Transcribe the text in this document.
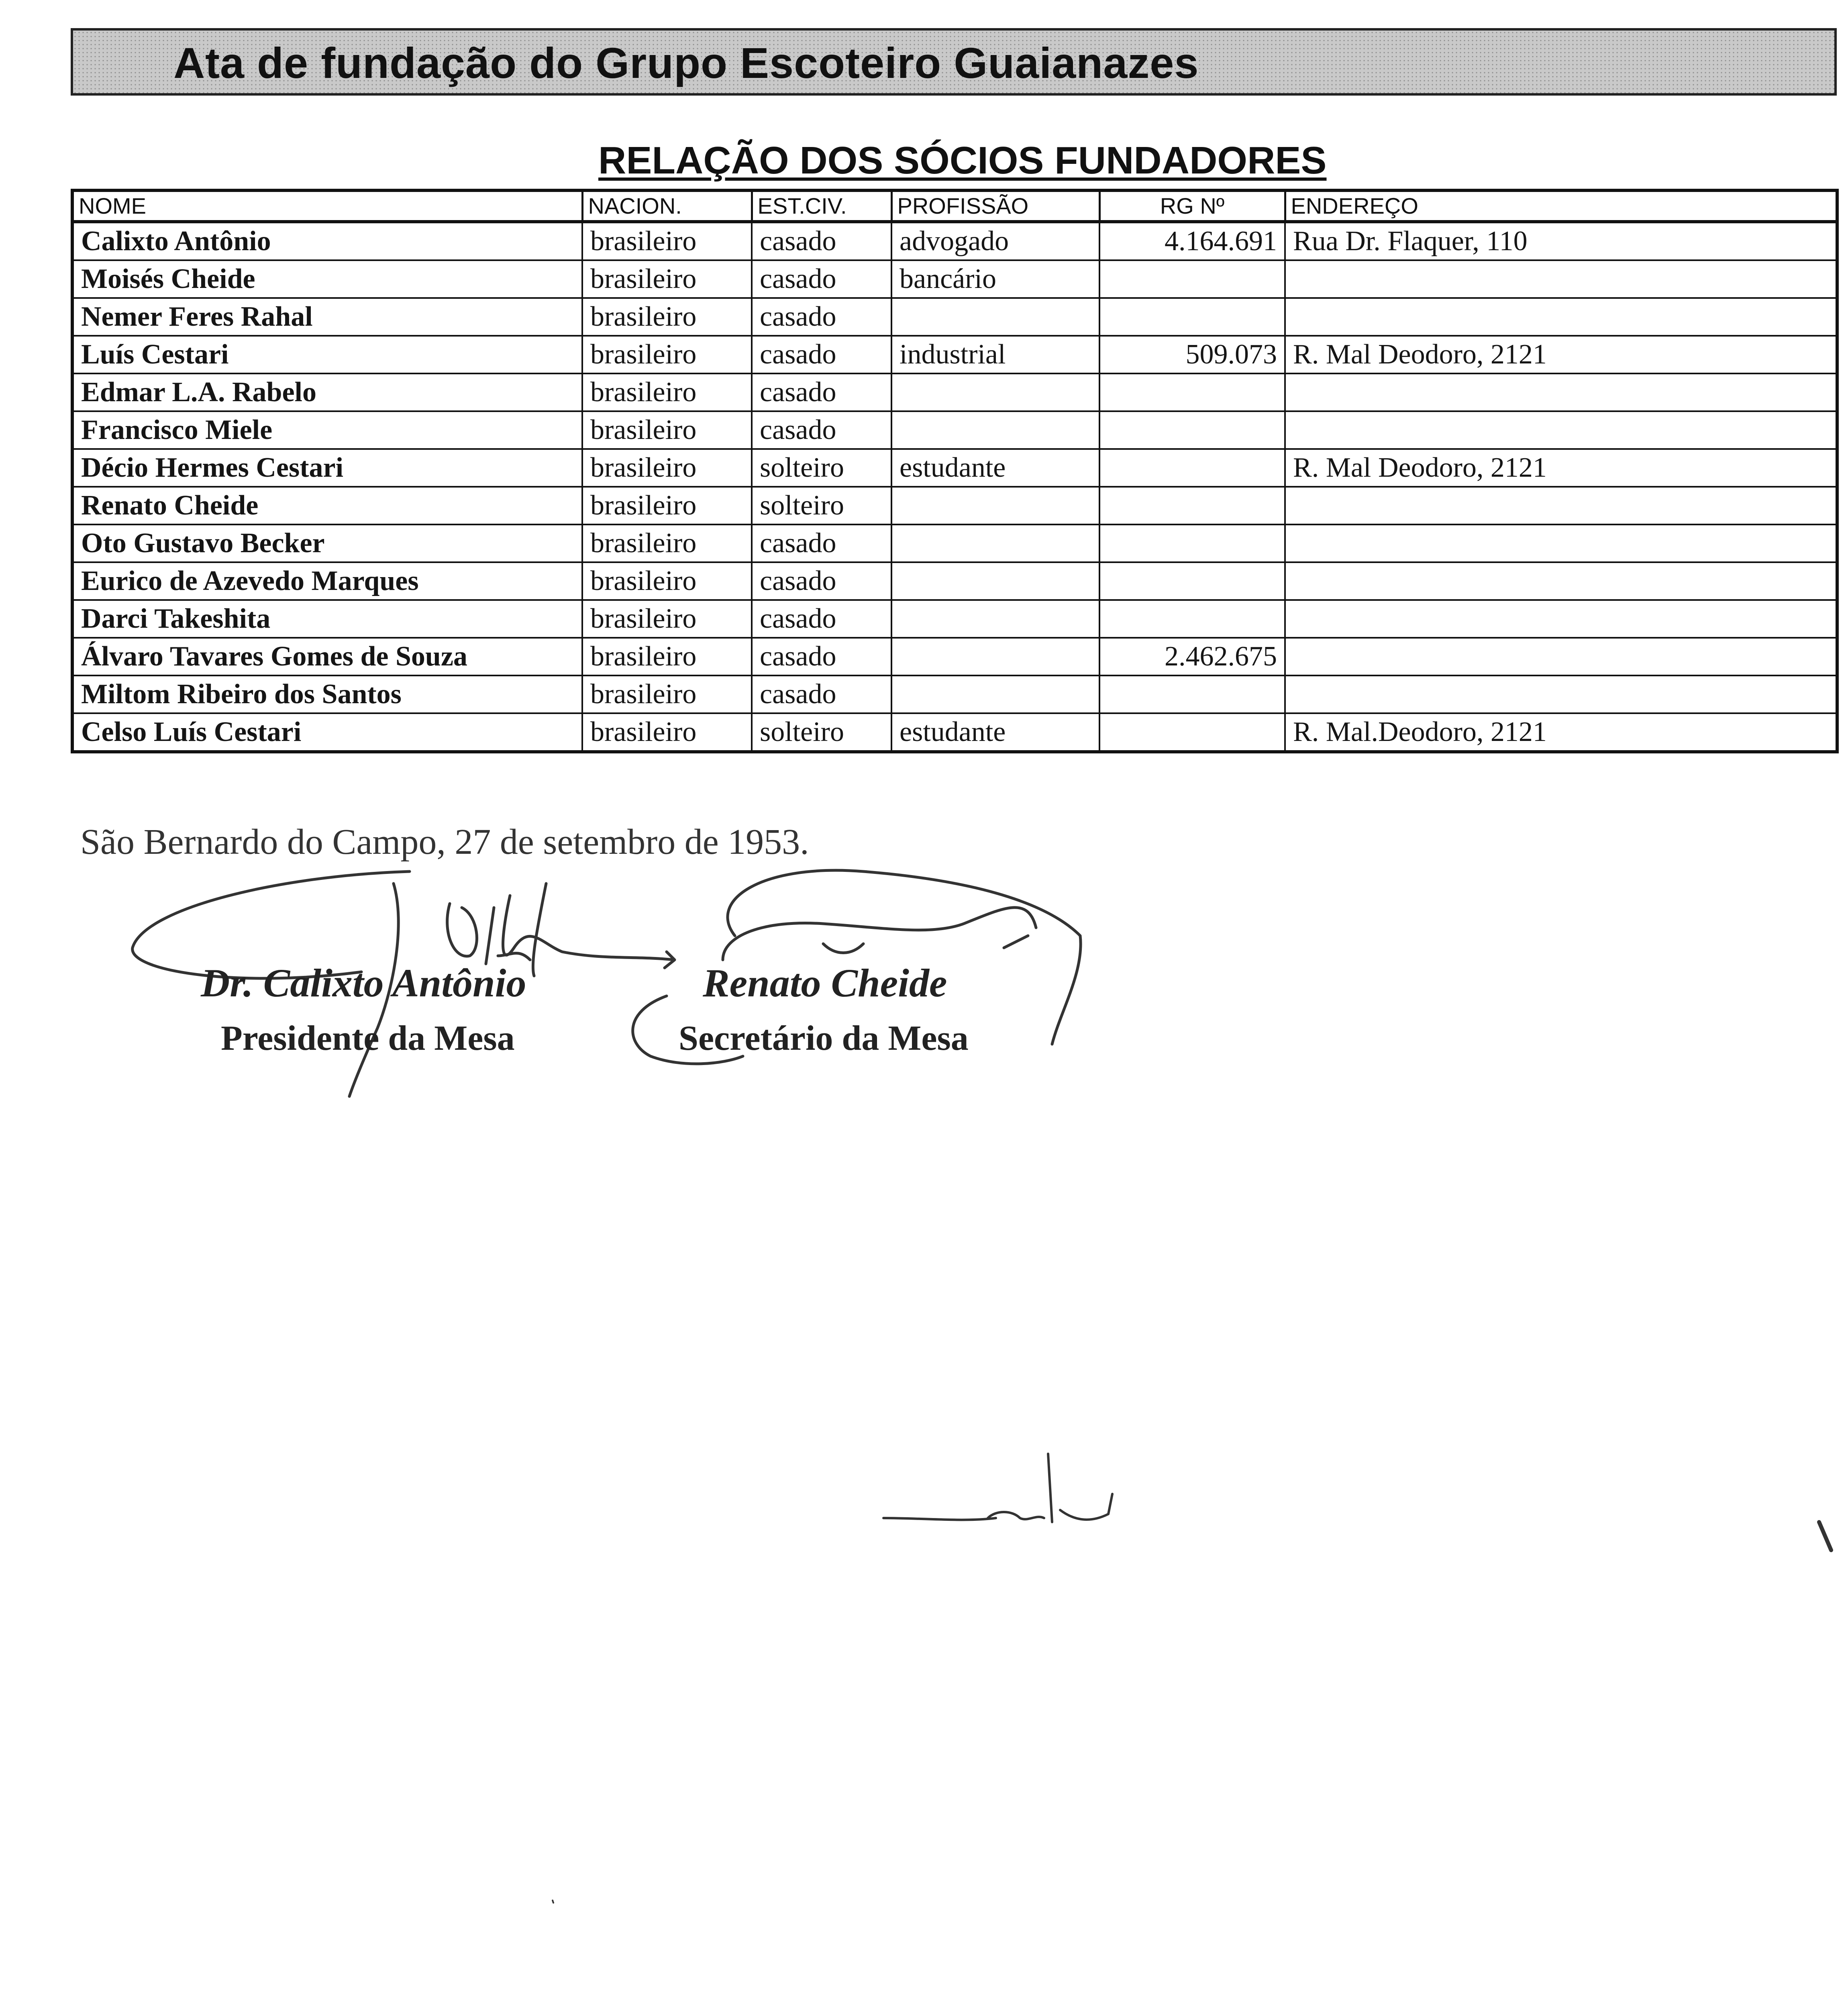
Ata de fundação do Grupo Escoteiro Guaianazes
RELAÇÃO DOS SÓCIOS FUNDADORES
NOME	NACION.	EST.CIV.	PROFISSÃO	RG Nº	ENDEREÇO
Calixto Antônio	brasileiro	casado	advogado	4.164.691	Rua Dr. Flaquer, 110
Moisés Cheide	brasileiro	casado	bancário		
Nemer Feres Rahal	brasileiro	casado			
Luís Cestari	brasileiro	casado	industrial	509.073	R. Mal Deodoro, 2121
Edmar L.A. Rabelo	brasileiro	casado			
Francisco Miele	brasileiro	casado			
Décio Hermes Cestari	brasileiro	solteiro	estudante		R. Mal Deodoro, 2121
Renato Cheide	brasileiro	solteiro			
Oto Gustavo Becker	brasileiro	casado			
Eurico de Azevedo Marques	brasileiro	casado			
Darci Takeshita	brasileiro	casado			
Álvaro Tavares Gomes de Souza	brasileiro	casado		2.462.675	
Miltom Ribeiro dos Santos	brasileiro	casado			
Celso Luís Cestari	brasileiro	solteiro	estudante		R. Mal.Deodoro, 2121
São Bernardo do Campo, 27 de setembro de 1953.
Dr. Calixto Antônio
Presidente da Mesa
Renato Cheide
Secretário da Mesa
